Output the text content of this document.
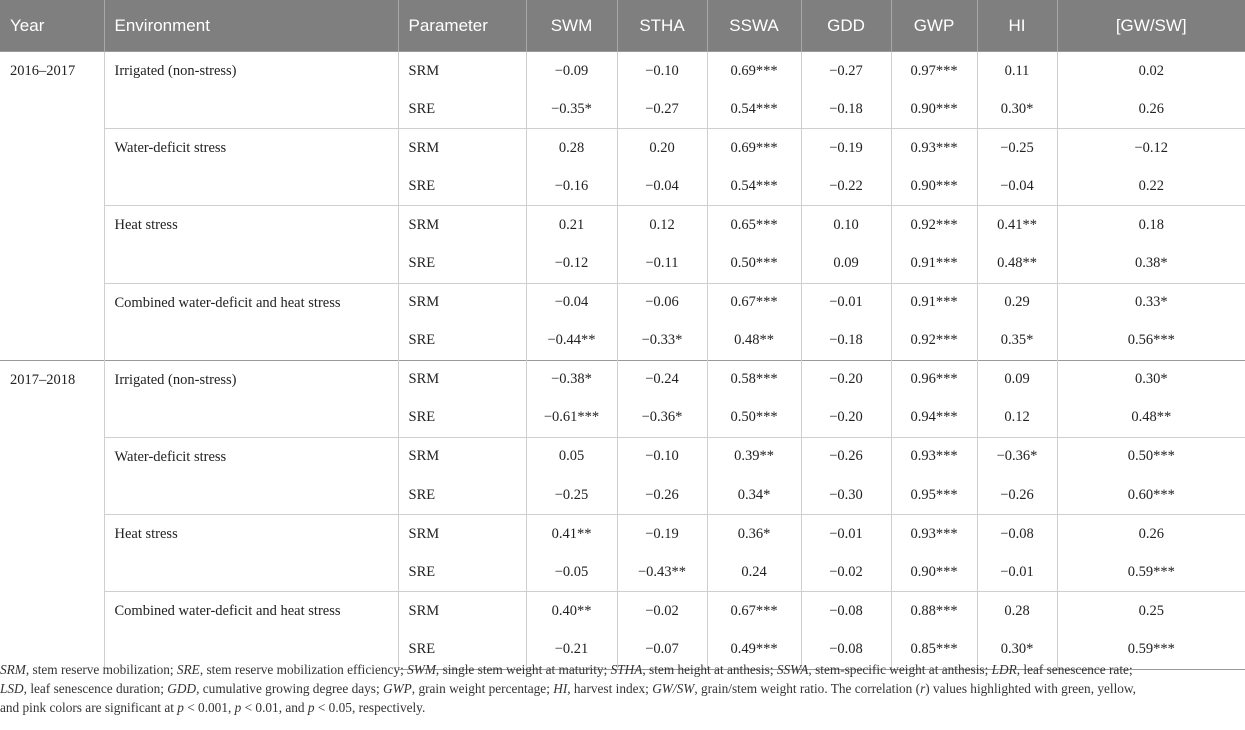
Year	Environment	Parameter	SWM	STHA	SSWA	GDD	GWP	HI	[GW/SW]
2016–2017	Irrigated (non-stress)	SRM	−0.09	−0.10	0.69***	−0.27	0.97***	0.11	0.02
		SRE	−0.35*	−0.27	0.54***	−0.18	0.90***	0.30*	0.26
	Water-deficit stress	SRM	0.28	0.20	0.69***	−0.19	0.93***	−0.25	−0.12
		SRE	−0.16	−0.04	0.54***	−0.22	0.90***	−0.04	0.22
	Heat stress	SRM	0.21	0.12	0.65***	0.10	0.92***	0.41**	0.18
		SRE	−0.12	−0.11	0.50***	0.09	0.91***	0.48**	0.38*
	Combined water-deficit and heat stress	SRM	−0.04	−0.06	0.67***	−0.01	0.91***	0.29	0.33*
		SRE	−0.44**	−0.33*	0.48**	−0.18	0.92***	0.35*	0.56***
2017–2018	Irrigated (non-stress)	SRM	−0.38*	−0.24	0.58***	−0.20	0.96***	0.09	0.30*
		SRE	−0.61***	−0.36*	0.50***	−0.20	0.94***	0.12	0.48**
	Water-deficit stress	SRM	0.05	−0.10	0.39**	−0.26	0.93***	−0.36*	0.50***
		SRE	−0.25	−0.26	0.34*	−0.30	0.95***	−0.26	0.60***
	Heat stress	SRM	0.41**	−0.19	0.36*	−0.01	0.93***	−0.08	0.26
		SRE	−0.05	−0.43**	0.24	−0.02	0.90***	−0.01	0.59***
	Combined water-deficit and heat stress	SRM	0.40**	−0.02	0.67***	−0.08	0.88***	0.28	0.25
		SRE	−0.21	−0.07	0.49***	−0.08	0.85***	0.30*	0.59***
SRM, stem reserve mobilization; SRE, stem reserve mobilization efficiency; SWM, single stem weight at maturity; STHA, stem height at anthesis; SSWA, stem-specific weight at anthesis; LDR, leaf senescence rate; LSD, leaf senescence duration; GDD, cumulative growing degree days; GWP, grain weight percentage; HI, harvest index; GW/SW, grain/stem weight ratio. The correlation (r) values highlighted with green, yellow, and pink colors are significant at p < 0.001, p < 0.01, and p < 0.05, respectively.
